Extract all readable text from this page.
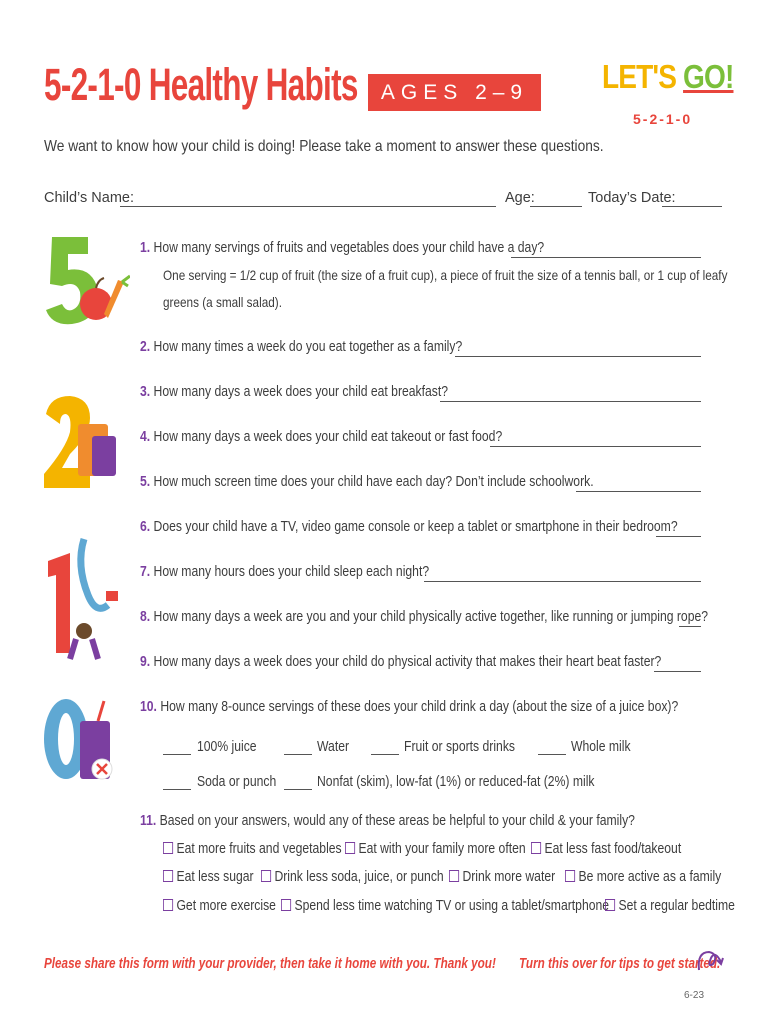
5-2-1-0 Healthy Habits	AGES 2–9	LET'S GO!
5-2-1-0
We want to know how your child is doing! Please take a moment to answer these questions.
Child’s Name:	Age:	Today’s Date:
1. How many servings of fruits and vegetables does your child have a day?
One serving = 1/2 cup of fruit (the size of a fruit cup), a piece of fruit the size of a tennis ball, or 1 cup of leafy
greens (a small salad).
2. How many times a week do you eat together as a family?
3. How many days a week does your child eat breakfast?
4. How many days a week does your child eat takeout or fast food?
5. How much screen time does your child have each day? Don’t include schoolwork.
6. Does your child have a TV, video game console or keep a tablet or smartphone in their bedroom?
7. How many hours does your child sleep each night?
8. How many days a week are you and your child physically active together, like running or jumping rope?
9. How many days a week does your child do physical activity that makes their heart beat faster?
10. How many 8-ounce servings of these does your child drink a day (about the size of a juice box)?
100% juice	Water	Fruit or sports drinks	Whole milk
Soda or punch	Nonfat (skim), low-fat (1%) or reduced-fat (2%) milk
11. Based on your answers, would any of these areas be helpful to your child & your family?
Eat more fruits and vegetables	Eat with your family more often	Eat less fast food/takeout
Eat less sugar	Drink less soda, juice, or punch	Drink more water	Be more active as a family
Get more exercise	Spend less time watching TV or using a tablet/smartphone Set a regular bedtime
Please share this form with your provider, then take it home with you. Thank you! Turn this over for tips to get started.
6-23
